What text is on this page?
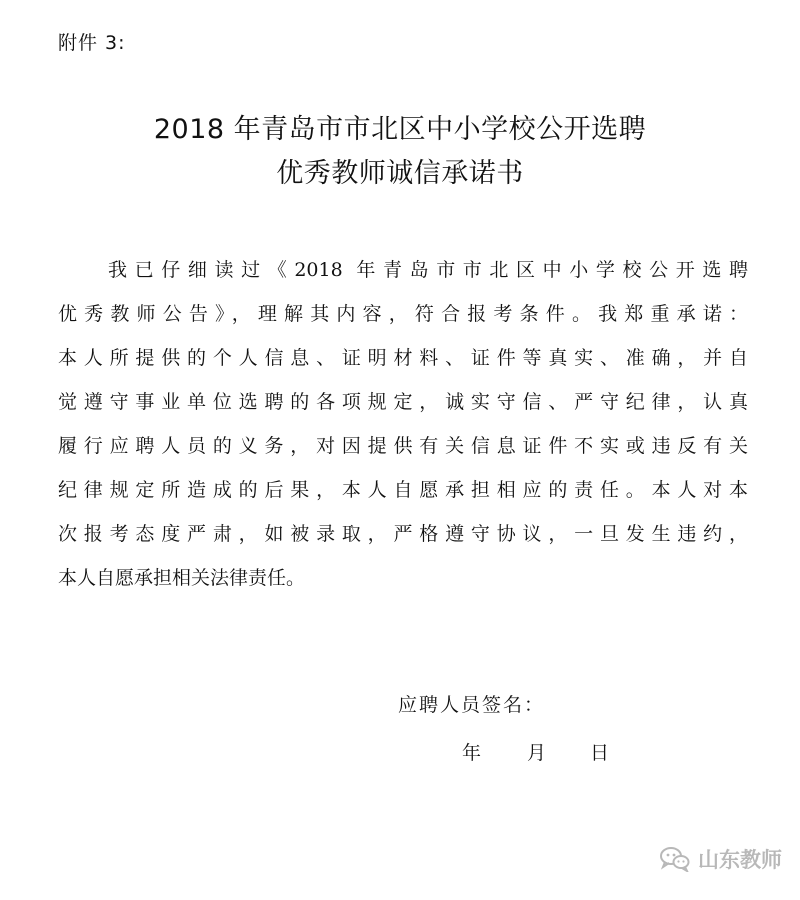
附件 3:
2018 年青岛市市北区中小学校公开选聘
优秀教师诚信承诺书
我已仔细读过《2018 年青岛市市北区中小学校公开选聘
优秀教师公告》，理解其内容，符合报考条件。我郑重承诺：
本人所提供的个人信息、证明材料、证件等真实、准确，并自
觉遵守事业单位选聘的各项规定，诚实守信、严守纪律，认真
履行应聘人员的义务，对因提供有关信息证件不实或违反有关
纪律规定所造成的后果，本人自愿承担相应的责任。本人对本
次报考态度严肃，如被录取，严格遵守协议，一旦发生违约，
本人自愿承担相关法律责任。
应聘人员签名：
年 月 日
山东教师
